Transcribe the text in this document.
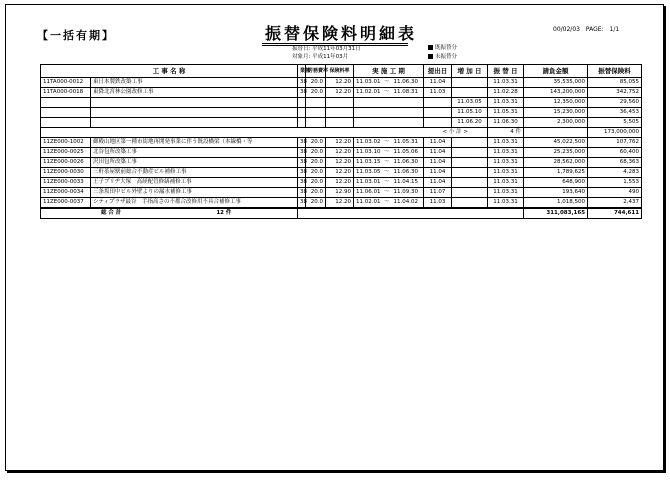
【一括有期】	振替保険料明細表	00/02/03 PAGE: 1/1
振替日: 平成11年03月31日
対象月: 平成11年03月
既振替分
未振替分
工 事 名 称		業種	労務費率	保険料率	実 施 工 期			提出日	増 加 日	振 替 日	請負金額	振替保険料	
11TA000-0012	東日本製鉄改築工事	38	20.0	12.20	11.03.01	～	11.06.30	11.04		11.03.31	35,535,000	85,055	
11TA000-0018	東降北宮林公園改修工事	38	20.0	12.20	11.02.01	～	11.08.31	11.03		11.02.28	143,200,000	342,752	
									11.03.05	11.03.31	12,350,000	29,560	
									11.05.10	11.05.31	15,230,000	36,453	
									11.06.20	11.06.30	2,300,000	5,505	
								< 小 計 >		4 件		173,000,000	
11ZE000-1002	御殿山地区第一種市街地再開発事業に伴う既設橋梁（本線橋・等	38	20.0	12.20	11.03.02	～	11.05.31	11.04		11.03.31	45,022,500	107,762	
11ZE000-0025	北谷包所改築工事	38	20.0	12.20	11.03.10	～	11.05.06	11.04		11.03.31	25,235,000	60,400	
11ZE000-0026	沢田包所改築工事	38	20.0	12.20	11.03.15	～	11.06.30	11.04		11.03.31	28,562,000	68,363	
11ZE000-0030	三軒茶屋駅前総合不動産ビル補修工事	38	20.0	12.20	11.03.05	～	11.06.30	11.04		11.03.31	1,789,625	4,283	
11ZE000-0033	王子ブリヂ大塚　高経配管修繕補修工事	38	20.0	12.20	11.03.01	～	11.04.15	11.04		11.03.31	648,900	1,553	
11ZE000-0034	三条坂田中ビル外壁よりの漏水補修工事	38	20.0	12.90	11.06.01	～	11.09.30	11.07		11.03.31	193,640	490	
11ZE000-0037	シティプラザ最谷　手指高さの不都合改修用不具合補修工事	38	20.0	12.20	11.02.01	～	11.04.02	11.03		11.03.31	1,018,500	2,437	
総 合 計 12 件											311,083,165	744,611	
